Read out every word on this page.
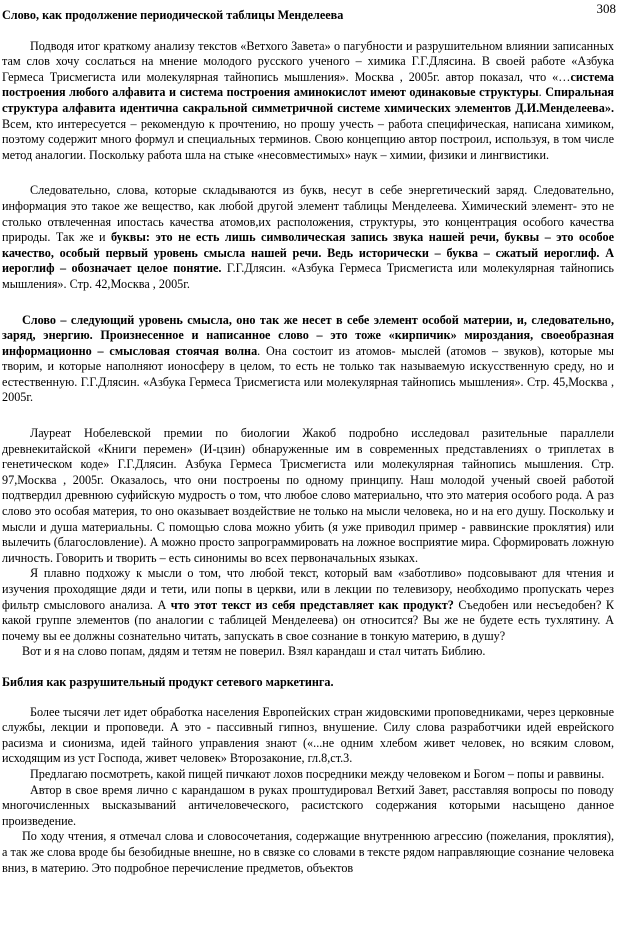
308

Слово, как продолжение периодической таблицы Менделеева

Подводя итог краткому анализу текстов «Ветхого Завета» о пагубности и разрушительном влиянии записанных там слов хочу сослаться на мнение молодого русского ученого – химика Г.Г.Длясина. В своей работе «Азбука Гермеса Трисмегиста или молекулярная тайнопись мышления». Москва , 2005г. автор показал, что «…система построения любого алфавита и система построения аминокислот имеют одинаковые структуры. Спиральная структура алфавита идентична сакральной симметричной системе химических элементов Д.И.Менделеева». Всем, кто интересуется – рекомендую к прочтению, но прошу учесть – работа специфическая, написана химиком, поэтому содержит много формул и специальных терминов. Свою концепцию автор построил, используя, в том числе метод аналогии. Поскольку работа шла на стыке «несовместимых» наук – химии, физики и лингвистики.

Следовательно, слова, которые складываются из букв, несут в себе энергетический заряд. Следовательно, информация это такое же вещество, как любой другой элемент таблицы Менделеева. Химический элемент- это не столько отвлеченная ипостась качества атомов,их расположения, структуры, это концентрация особого качества природы. Так же и буквы: это не есть лишь символическая запись звука нашей речи, буквы – это особое качество, особый первый уровень смысла нашей речи. Ведь исторически – буква – сжатый иероглиф. А иероглиф – обозначает целое понятие. Г.Г.Длясин. «Азбука Гермеса Трисмегиста или молекулярная тайнопись мышления». Стр. 42,Москва , 2005г.

Слово – следующий уровень смысла, оно так же несет в себе элемент особой материи, и, следовательно, заряд, энергию. Произнесенное и написанное слово – это тоже «кирпичик» мироздания, своеобразная информационно – смысловая стоячая волна. Она состоит из атомов- мыслей (атомов – звуков), которые мы творим, и которые наполняют ионосферу в целом, то есть не только так называемую искусственную среду, но и естественную. Г.Г.Длясин. «Азбука Гермеса Трисмегиста или молекулярная тайнопись мышления». Стр. 45,Москва , 2005г.

Лауреат Нобелевской премии по биологии Жакоб подробно исследовал разительные параллели древнекитайской «Книги перемен» (И-цзин) обнаруженные им в современных представлениях о триплетах в генетическом коде» Г.Г.Длясин. Азбука Гермеса Трисмегиста или молекулярная тайнопись мышления. Стр. 97,Москва , 2005г. Оказалось, что они построены по одному принципу. Наш молодой ученый своей работой подтвердил древнюю суфийскую мудрость о том, что любое слово материально, что это материя особого рода. А раз слово это особая материя, то оно оказывает воздействие не только на мысли человека, но и на его душу. Поскольку и мысли и душа материальны. С помощью слова можно убить (я уже приводил пример - раввинские проклятия) или вылечить (благословление). А можно просто запрограммировать на ложное восприятие мира. Сформировать ложную личность. Говорить и творить – есть синонимы во всех первоначальных языках.

Я плавно подхожу к мысли о том, что любой текст, который вам «заботливо» подсовывают для чтения и изучения проходящие дяди и тети, или попы в церкви, или в лекции по телевизору, необходимо пропускать через фильтр смыслового анализа. А что этот текст из себя представляет как продукт? Съедобен или несъедобен? К какой группе элементов (по аналогии с таблицей Менделеева) он относится? Вы же не будете есть тухлятину. А почему вы ее должны сознательно читать, запускать в свое сознание в тонкую материю, в душу?

Вот и я на слово попам, дядям и тетям не поверил. Взял карандаш и стал читать Библию.

Библия как разрушительный продукт сетевого маркетинга.

Более тысячи лет идет обработка населения Европейских стран жидовскими проповедниками, через церковные службы, лекции и проповеди. А это - пассивный гипноз, внушение. Силу слова разработчики идей еврейского расизма и сионизма, идей тайного управления знают («...не одним хлебом живет человек, но всяким словом, исходящим из уст Господа, живет человек» Второзаконие, гл.8,ст.3.

Предлагаю посмотреть, какой пищей пичкают лохов посредники между человеком и Богом – попы и раввины.

Автор в свое время лично с карандашом в руках проштудировал Ветхий Завет, расставляя вопросы по поводу многочисленных высказываний античеловеческого, расистского содержания которыми насыщено данное произведение.

По ходу чтения, я отмечал слова и словосочетания, содержащие внутреннюю агрессию (пожелания, проклятия), а так же слова вроде бы безобидные внешне, но в связке со словами в тексте рядом направляющие сознание человека вниз, в материю. Это подробное перечисление предметов, объектов
